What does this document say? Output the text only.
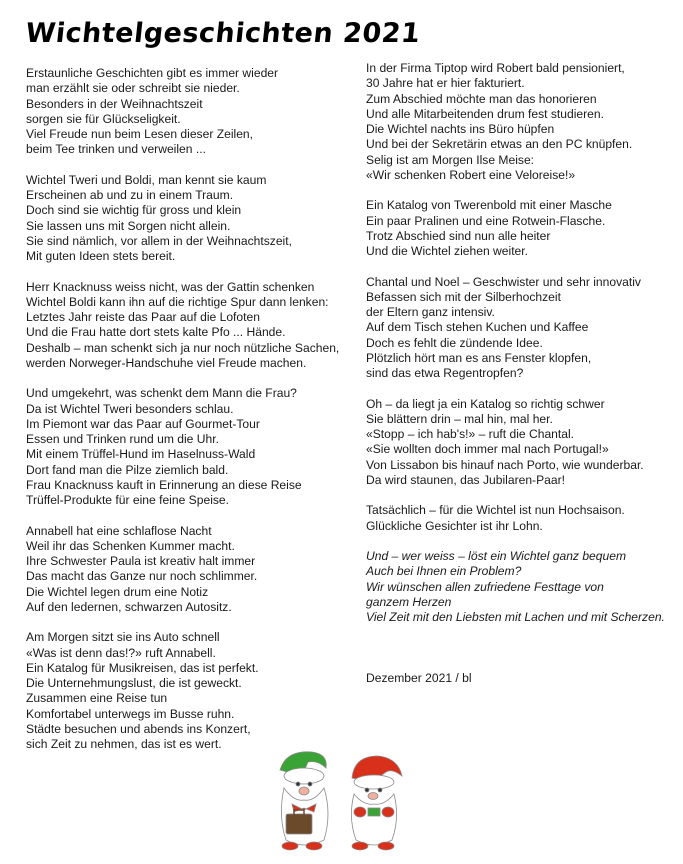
Wichtelgeschichten 2021
Erstaunliche Geschichten gibt es immer wieder
man erzählt sie oder schreibt sie nieder.
Besonders in der Weihnachtszeit
sorgen sie für Glückseligkeit.
Viel Freude nun beim Lesen dieser Zeilen,
beim Tee trinken und verweilen ...
Wichtel Tweri und Boldi, man kennt sie kaum
Erscheinen ab und zu in einem Traum.
Doch sind sie wichtig für gross und klein
Sie lassen uns mit Sorgen nicht allein.
Sie sind nämlich, vor allem in der Weihnachtszeit,
Mit guten Ideen stets bereit.
Herr Knacknuss weiss nicht, was der Gattin schenken
Wichtel Boldi kann ihn auf die richtige Spur dann lenken:
Letztes Jahr reiste das Paar auf die Lofoten
Und die Frau hatte dort stets kalte Pfo ... Hände.
Deshalb – man schenkt sich ja nur noch nützliche Sachen,
werden Norweger-Handschuhe viel Freude machen.
Und umgekehrt, was schenkt dem Mann die Frau?
Da ist Wichtel Tweri besonders schlau.
Im Piemont war das Paar auf Gourmet-Tour
Essen und Trinken rund um die Uhr.
Mit einem Trüffel-Hund im Haselnuss-Wald
Dort fand man die Pilze ziemlich bald.
Frau Knacknuss kauft in Erinnerung an diese Reise
Trüffel-Produkte für eine feine Speise.
Annabell hat eine schlaflose Nacht
Weil ihr das Schenken Kummer macht.
Ihre Schwester Paula ist kreativ halt immer
Das macht das Ganze nur noch schlimmer.
Die Wichtel legen drum eine Notiz
Auf den ledernen, schwarzen Autositz.
Am Morgen sitzt sie ins Auto schnell
«Was ist denn das!?» ruft Annabell.
Ein Katalog für Musikreisen, das ist perfekt.
Die Unternehmungslust, die ist geweckt.
Zusammen eine Reise tun
Komfortabel unterwegs im Busse ruhn.
Städte besuchen und abends ins Konzert,
sich Zeit zu nehmen, das ist es wert.
In der Firma Tiptop wird Robert bald pensioniert,
30 Jahre hat er hier fakturiert.
Zum Abschied möchte man das honorieren
Und alle Mitarbeitenden drum fest studieren.
Die Wichtel nachts ins Büro hüpfen
Und bei der Sekretärin etwas an den PC knüpfen.
Selig ist am Morgen Ilse Meise:
«Wir schenken Robert eine Veloreise!»
Ein Katalog von Twerenbold mit einer Masche
Ein paar Pralinen und eine Rotwein-Flasche.
Trotz Abschied sind nun alle heiter
Und die Wichtel ziehen weiter.
Chantal und Noel – Geschwister und sehr innovativ
Befassen sich mit der Silberhochzeit
der Eltern ganz intensiv.
Auf dem Tisch stehen Kuchen und Kaffee
Doch es fehlt die zündende Idee.
Plötzlich hört man es ans Fenster klopfen,
sind das etwa Regentropfen?
Oh – da liegt ja ein Katalog so richtig schwer
Sie blättern drin – mal hin, mal her.
«Stopp – ich hab's!» – ruft die Chantal.
«Sie wollten doch immer mal nach Portugal!»
Von Lissabon bis hinauf nach Porto, wie wunderbar.
Da wird staunen, das Jubilaren-Paar!
Tatsächlich – für die Wichtel ist nun Hochsaison.
Glückliche Gesichter ist ihr Lohn.
Und – wer weiss – löst ein Wichtel ganz bequem
Auch bei Ihnen ein Problem?
Wir wünschen allen zufriedene Festtage von
ganzem Herzen
Viel Zeit mit den Liebsten mit Lachen und mit Scherzen.
Dezember 2021 / bl
